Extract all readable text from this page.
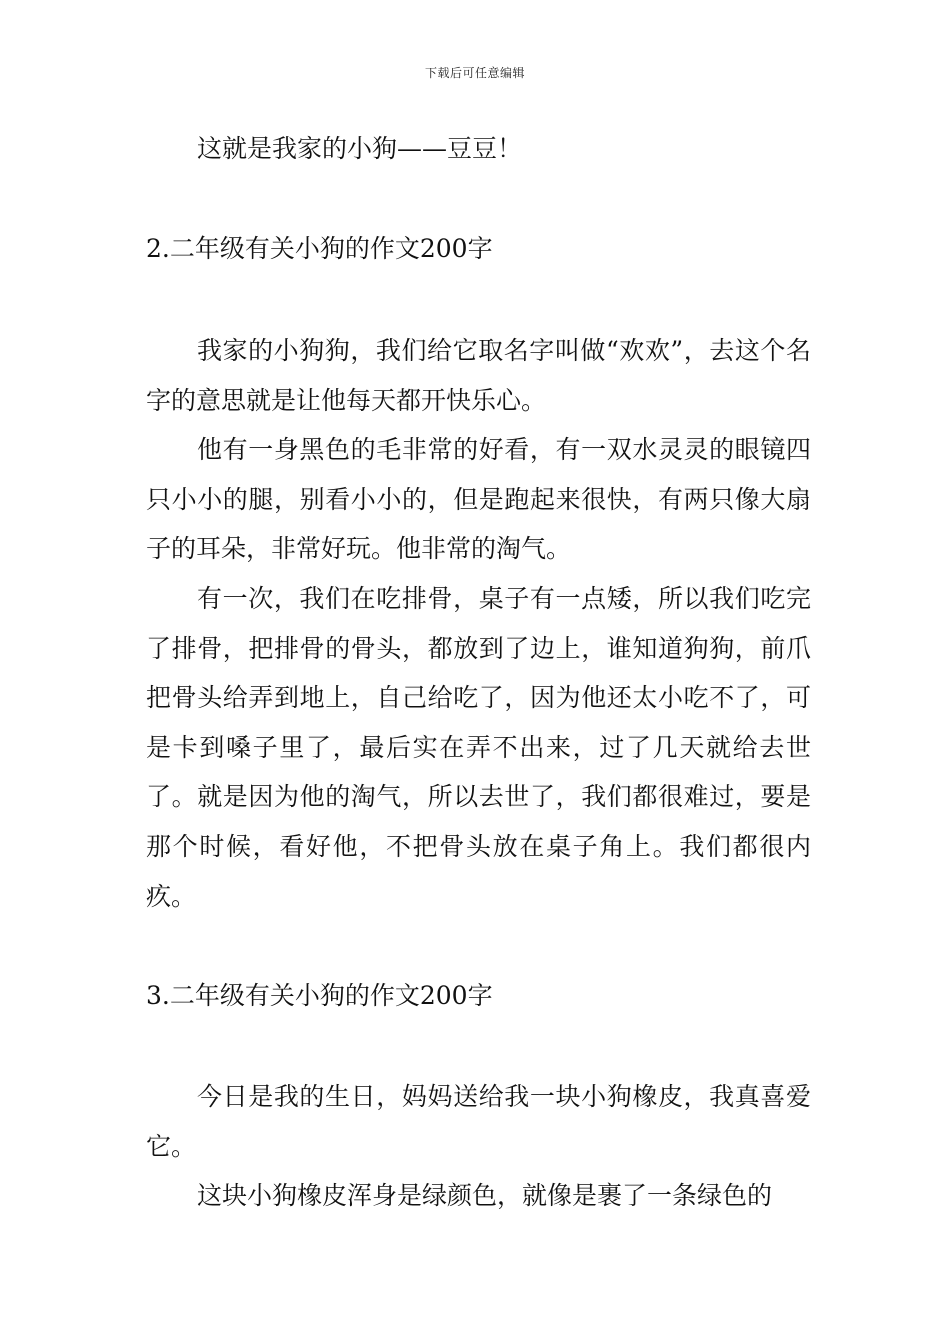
下载后可任意编辑

这就是我家的小狗——豆豆！

2.二年级有关小狗的作文200字

我家的小狗狗，我们给它取名字叫做“欢欢”，去这个名字的意思就是让他每天都开快乐心。

他有一身黑色的毛非常的好看，有一双水灵灵的眼镜四只小小的腿，别看小小的，但是跑起来很快，有两只像大扇子的耳朵，非常好玩。他非常的淘气。

有一次，我们在吃排骨，桌子有一点矮，所以我们吃完了排骨，把排骨的骨头，都放到了边上，谁知道狗狗，前爪把骨头给弄到地上，自己给吃了，因为他还太小吃不了，可是卡到嗓子里了，最后实在弄不出来，过了几天就给去世了。就是因为他的淘气，所以去世了，我们都很难过，要是那个时候，看好他，不把骨头放在桌子角上。我们都很内疚。

3.二年级有关小狗的作文200字

今日是我的生日，妈妈送给我一块小狗橡皮，我真喜爱它。

这块小狗橡皮浑身是绿颜色，就像是裹了一条绿色的
